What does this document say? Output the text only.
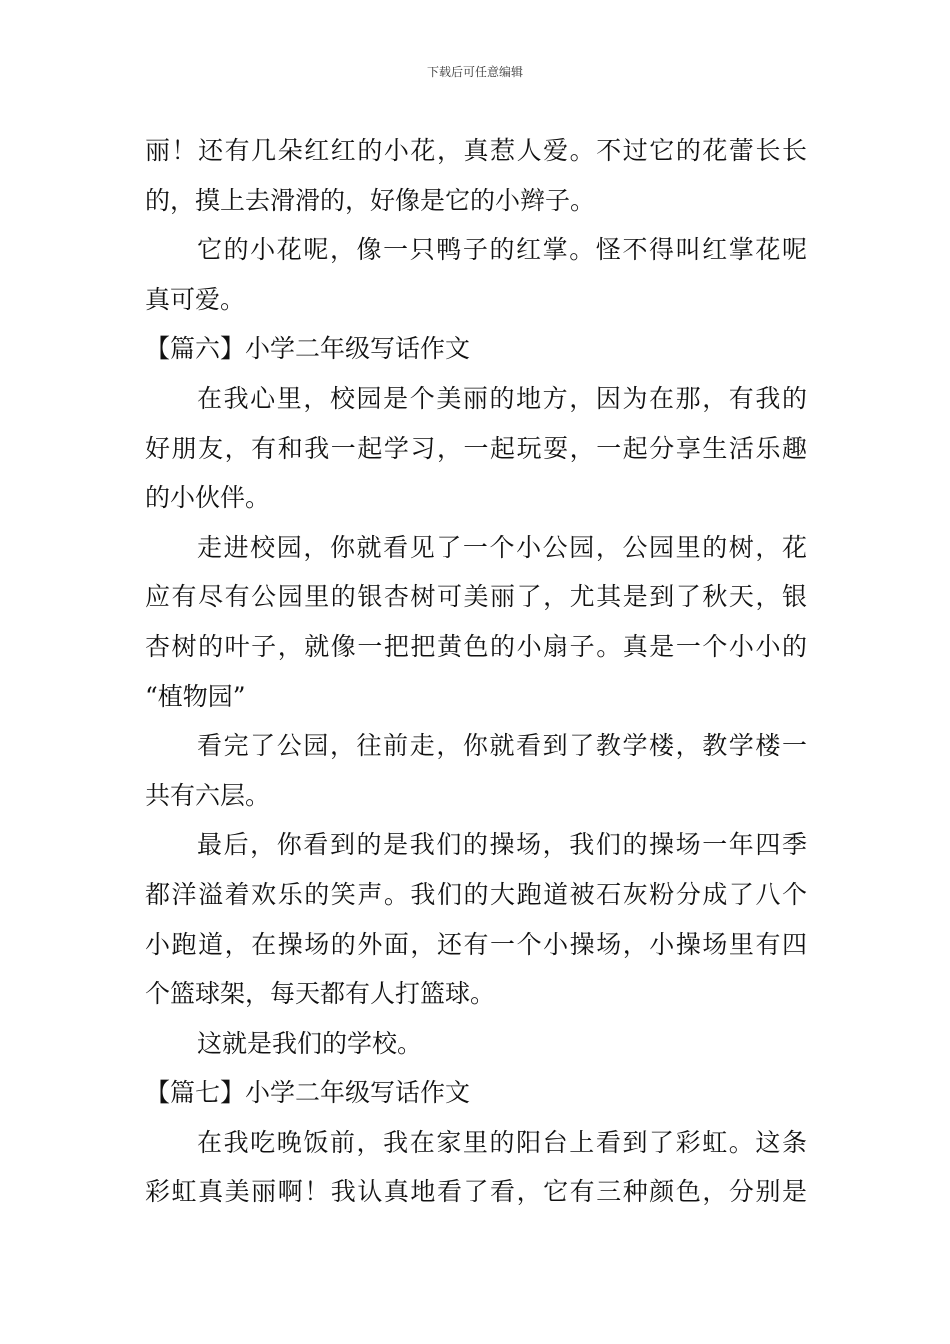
下载后可任意编辑
丽！还有几朵红红的小花，真惹人爱。不过它的花蕾长长
的，摸上去滑滑的，好像是它的小辫子。
它的小花呢，像一只鸭子的红掌。怪不得叫红掌花呢
真可爱。
【篇六】小学二年级写话作文
在我心里，校园是个美丽的地方，因为在那，有我的
好朋友，有和我一起学习，一起玩耍，一起分享生活乐趣
的小伙伴。
走进校园，你就看见了一个小公园，公园里的树，花
应有尽有公园里的银杏树可美丽了，尤其是到了秋天，银
杏树的叶子，就像一把把黄色的小扇子。真是一个小小的
“植物园”
看完了公园，往前走，你就看到了教学楼，教学楼一
共有六层。
最后，你看到的是我们的操场，我们的操场一年四季
都洋溢着欢乐的笑声。我们的大跑道被石灰粉分成了八个
小跑道，在操场的外面，还有一个小操场，小操场里有四
个篮球架，每天都有人打篮球。
这就是我们的学校。
【篇七】小学二年级写话作文
在我吃晚饭前，我在家里的阳台上看到了彩虹。这条
彩虹真美丽啊！我认真地看了看，它有三种颜色，分别是
